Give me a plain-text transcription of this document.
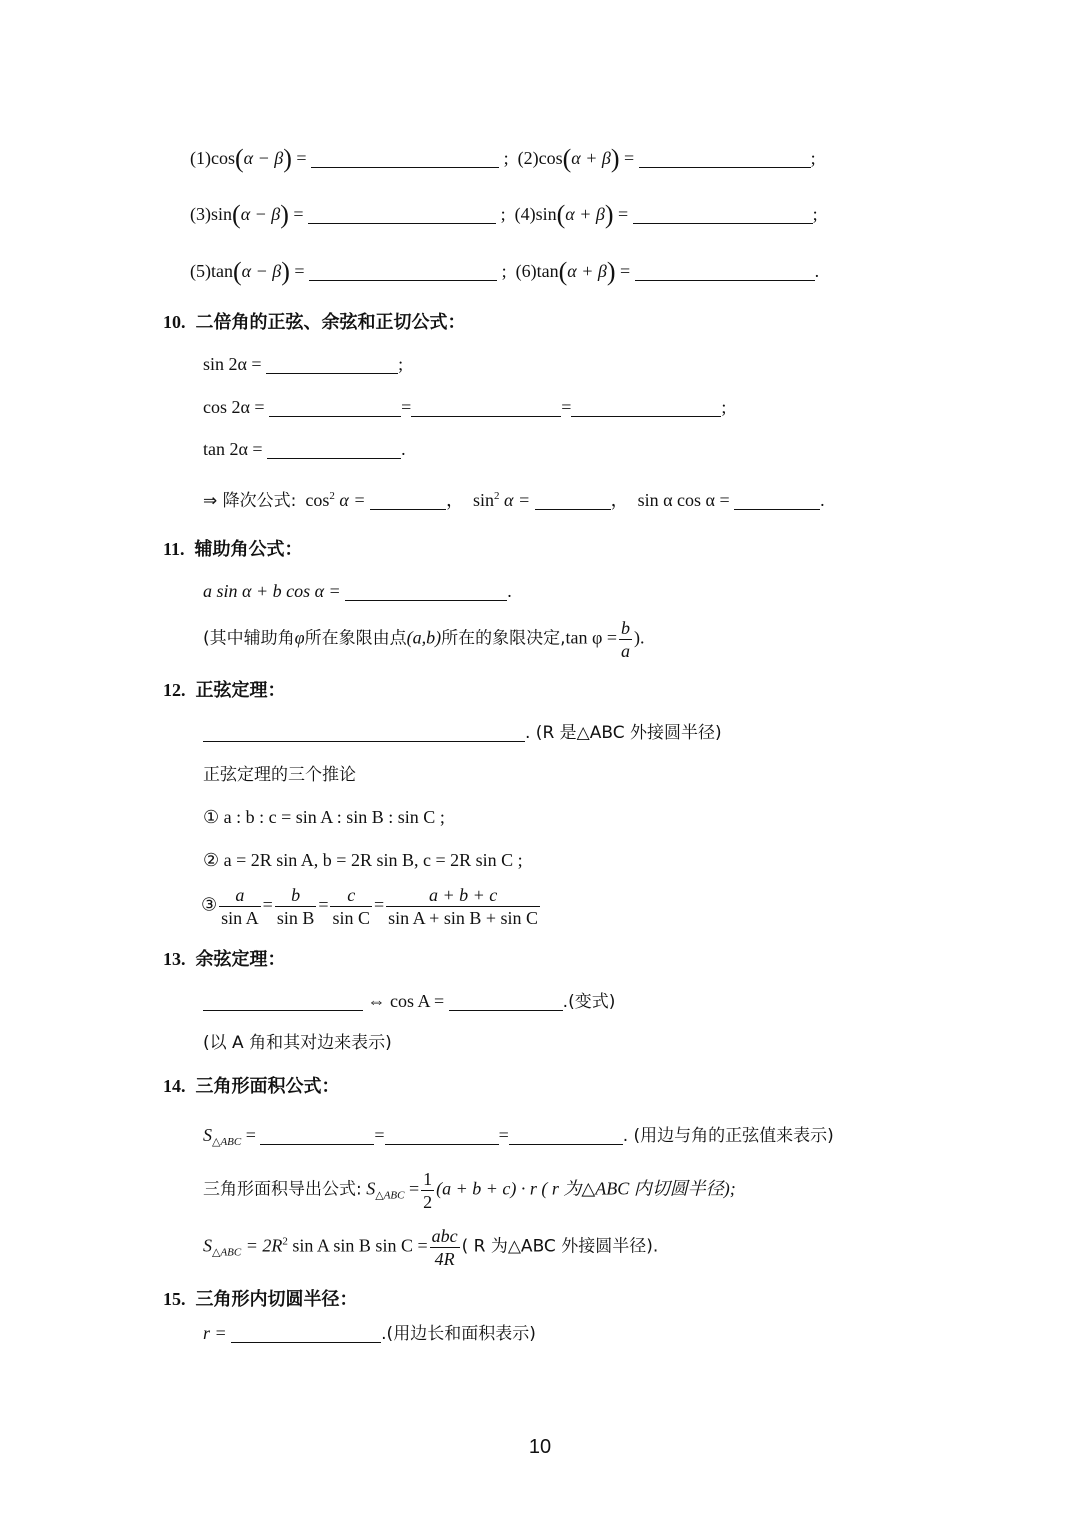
(1)cos(α − β) =	; (2)cos(α + β) =	;
(3)sin(α − β) =	; (4)sin(α + β) =	;
(5)tan(α − β) =	; (6)tan(α + β) =	.
10. 二倍角的正弦、余弦和正切公式：
sin 2α =	;
cos 2α =	=	=	;
tan 2α =	.
⇒ 降次公式: $\cos^2 \alpha$ =	，  $\sin^2 \alpha$ =	，  sin α cos α =	.
11. 辅助角公式：
a sin α + b cos α =	.
(其中辅助角φ所在象限由点(a,b)所在的象限决定,tan $\varphi = \frac{b}{a}$ ).
12. 正弦定理：
. (R 是△ABC 外接圆半径)
正弦定理的三个推论
① a : b : c = sin A : sin B : sin C ;
② a = 2R sin A, b = 2R sin B, c = 2R sin C ;
③ $\frac{a}{\text{sin A}} = \frac{b}{\text{sin B}} = \frac{c}{\text{sin C}} = \frac{a + b + c}{\text{sin A + sin B + sin C}}$
13. 余弦定理：
⇔ cos A =	.(变式)
(以 A 角和其对边来表示)
14. 三角形面积公式：
$S_{\triangle ABC}$ =	=	=	. (用边与角的正弦值来表示)
三角形面积导出公式: $S_{\triangle ABC} = \frac{1}{2} (a + b + c) \cdot r$ ( r 为△ABC 内切圆半径);
$S_{\triangle ABC} = 2R^2$ sin A sin B $\sin C = \frac{\text{abc}}{4R}$ ( R 为△ABC 外接圆半径).
15. 三角形内切圆半径：
r =	.(用边长和面积表示)
10
